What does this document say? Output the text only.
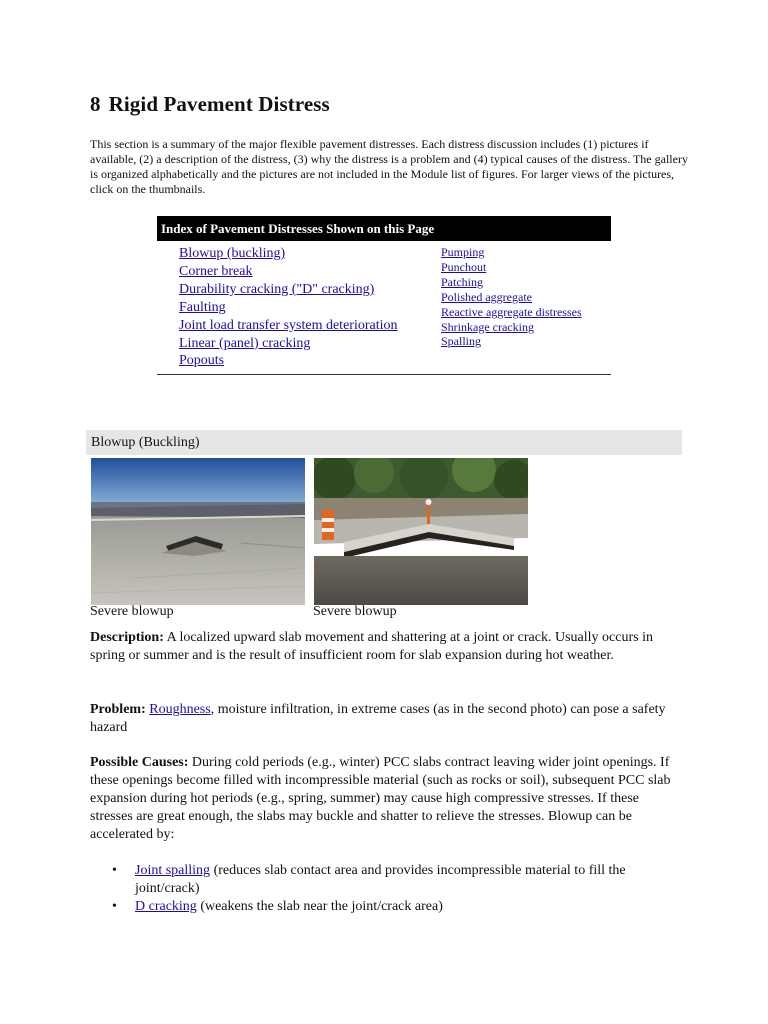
8 Rigid Pavement Distress

This section is a summary of the major flexible pavement distresses. Each distress discussion includes (1) pictures if available, (2) a description of the distress, (3) why the distress is a problem and (4) typical causes of the distress. The gallery is organized alphabetically and the pictures are not included in the Module list of figures. For larger views of the pictures, click on the thumbnails.

Index of Pavement Distresses Shown on this Page
Blowup (buckling)
Corner break
Durability cracking ("D" cracking)
Faulting
Joint load transfer system deterioration
Linear (panel) cracking
Popouts
Pumping
Punchout
Patching
Polished aggregate
Reactive aggregate distresses
Shrinkage cracking
Spalling
Blowup (Buckling)
Severe blowup	Severe blowup

Description: A localized upward slab movement and shattering at a joint or crack. Usually occurs in spring or summer and is the result of insufficient room for slab expansion during hot weather.

Problem: Roughness, moisture infiltration, in extreme cases (as in the second photo) can pose a safety hazard

Possible Causes: During cold periods (e.g., winter) PCC slabs contract leaving wider joint openings. If these openings become filled with incompressible material (such as rocks or soil), subsequent PCC slab expansion during hot periods (e.g., spring, summer) may cause high compressive stresses. If these stresses are great enough, the slabs may buckle and shatter to relieve the stresses. Blowup can be accelerated by:

• Joint spalling (reduces slab contact area and provides incompressible material to fill the joint/crack)
• D cracking (weakens the slab near the joint/crack area)
